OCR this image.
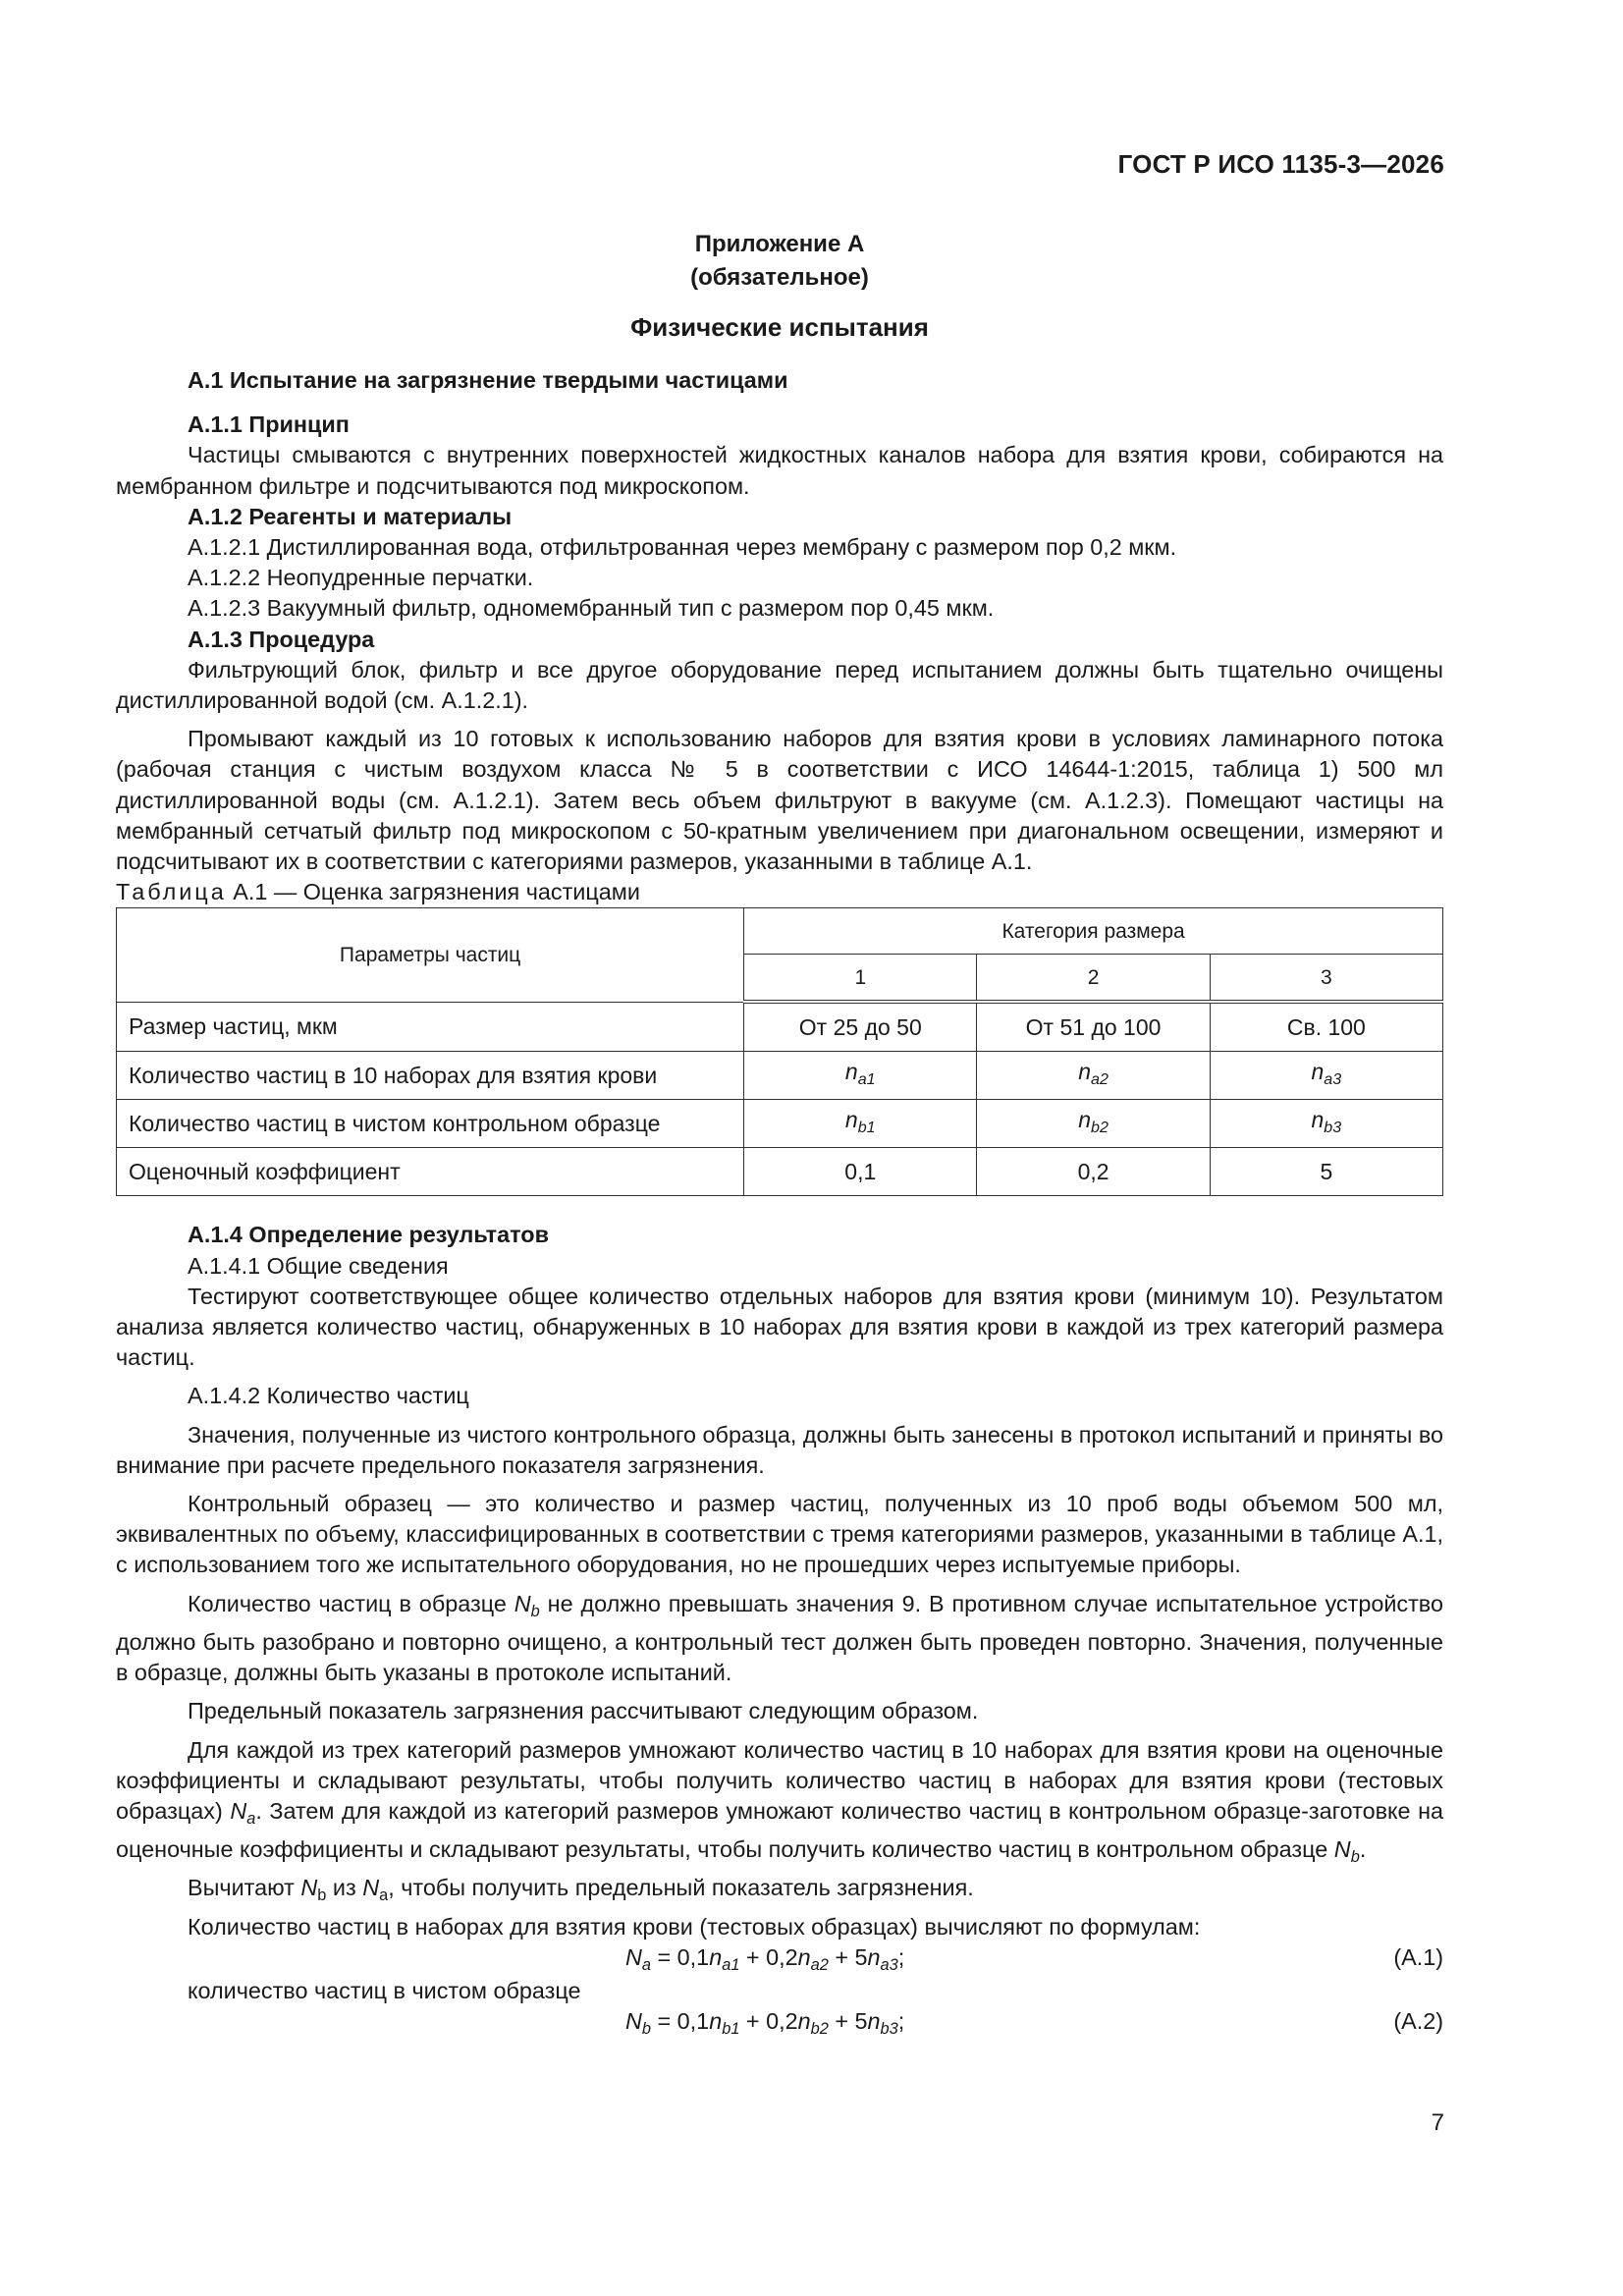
ГОСТ Р ИСО 1135-3—2026
Приложение А
(обязательное)
Физические испытания

А.1 Испытание на загрязнение твердыми частицами

А.1.1 Принцип

Частицы смываются с внутренних поверхностей жидкостных каналов набора для взятия крови, собираются на мембранном фильтре и подсчитываются под микроскопом.

А.1.2 Реагенты и материалы

А.1.2.1 Дистиллированная вода, отфильтрованная через мембрану с размером пор 0,2 мкм.

А.1.2.2 Неопудренные перчатки.

А.1.2.3 Вакуумный фильтр, одномембранный тип с размером пор 0,45 мкм.

А.1.3 Процедура

Фильтрующий блок, фильтр и все другое оборудование перед испытанием должны быть тщательно очищены дистиллированной водой (см. А.1.2.1).

Промывают каждый из 10 готовых к использованию наборов для взятия крови в условиях ламинарного потока (рабочая станция с чистым воздухом класса № 5 в соответствии с ИСО 14644-1:2015, таблица 1) 500 мл дистиллированной воды (см. А.1.2.1). Затем весь объем фильтруют в вакууме (см. А.1.2.3). Помещают частицы на мембранный сетчатый фильтр под микроскопом с 50-кратным увеличением при диагональном освещении, измеряют и подсчитывают их в соответствии с категориями размеров, указанными в таблице А.1.

Таблица А.1 — Оценка загрязнения частицами

Параметры частиц	Категория размера		
	1	2	3
Размер частиц, мкм	От 25 до 50	От 51 до 100	Св. 100
Количество частиц в 10 наборах для взятия крови	$n_{a1}$	$n_{a2}$	$n_{a3}$
Количество частиц в чистом контрольном образце	$n_{b1}$	$n_{b2}$	$n_{b3}$
Оценочный коэффициент	0,1	0,2	5

А.1.4 Определение результатов

А.1.4.1 Общие сведения

Тестируют соответствующее общее количество отдельных наборов для взятия крови (минимум 10). Результатом анализа является количество частиц, обнаруженных в 10 наборах для взятия крови в каждой из трех категорий размера частиц.

А.1.4.2 Количество частиц

Значения, полученные из чистого контрольного образца, должны быть занесены в протокол испытаний и приняты во внимание при расчете предельного показателя загрязнения.

Контрольный образец — это количество и размер частиц, полученных из 10 проб воды объемом 500 мл, эквивалентных по объему, классифицированных в соответствии с тремя категориями размеров, указанными в таблице А.1, с использованием того же испытательного оборудования, но не прошедших через испытуемые приборы.

Количество частиц в образце $N_b$ не должно превышать значения 9. В противном случае испытательное устройство должно быть разобрано и повторно очищено, а контрольный тест должен быть проведен повторно. Значения, полученные в образце, должны быть указаны в протоколе испытаний.

Предельный показатель загрязнения рассчитывают следующим образом.

Для каждой из трех категорий размеров умножают количество частиц в 10 наборах для взятия крови на оценочные коэффициенты и складывают результаты, чтобы получить количество частиц в наборах для взятия крови (тестовых образцах) $N_a$. Затем для каждой из категорий размеров умножают количество частиц в контрольном образце-заготовке на оценочные коэффициенты и складывают результаты, чтобы получить количество частиц в контрольном образце $N_b$.

Вычитают $N_b$ из $N_a$, чтобы получить предельный показатель загрязнения.

Количество частиц в наборах для взятия крови (тестовых образцах) вычисляют по формулам:

$N_a = 0,1n_{a1} + 0,2n_{a2} + 5n_{a3}$;	(А.1)

количество частиц в чистом образце

$N_b = 0,1n_{b1} + 0,2n_{b2} + 5n_{b3}$;	(А.2)
7
